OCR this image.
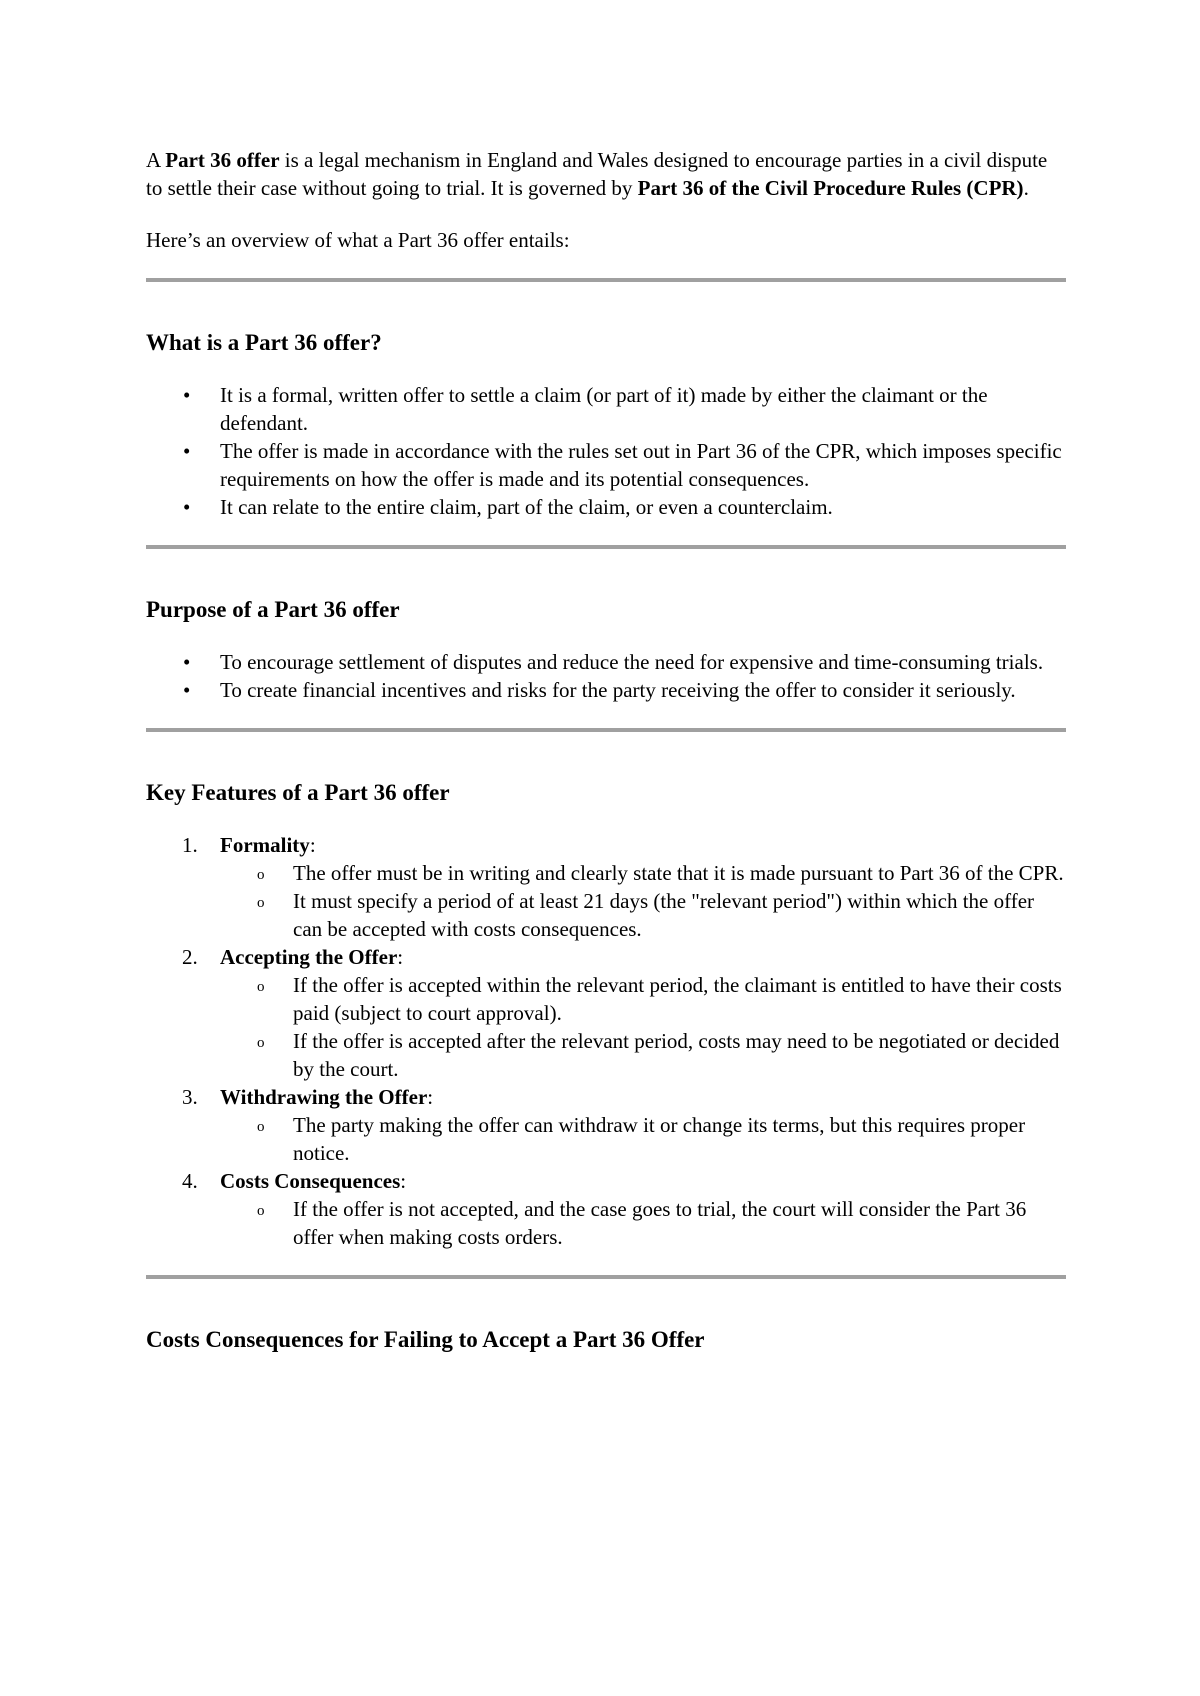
A Part 36 offer is a legal mechanism in England and Wales designed to encourage parties in a civil dispute to settle their case without going to trial. It is governed by Part 36 of the Civil Procedure Rules (CPR).

Here’s an overview of what a Part 36 offer entails:

What is a Part 36 offer?
• It is a formal, written offer to settle a claim (or part of it) made by either the claimant or the defendant.
• The offer is made in accordance with the rules set out in Part 36 of the CPR, which imposes specific requirements on how the offer is made and its potential consequences.
• It can relate to the entire claim, part of the claim, or even a counterclaim.
Purpose of a Part 36 offer
• To encourage settlement of disputes and reduce the need for expensive and time-consuming trials.
• To create financial incentives and risks for the party receiving the offer to consider it seriously.
Key Features of a Part 36 offer
1. Formality:
o The offer must be in writing and clearly state that it is made pursuant to Part 36 of the CPR.
o It must specify a period of at least 21 days (the "relevant period") within which the offer can be accepted with costs consequences.
2. Accepting the Offer:
o If the offer is accepted within the relevant period, the claimant is entitled to have their costs paid (subject to court approval).
o If the offer is accepted after the relevant period, costs may need to be negotiated or decided by the court.
3. Withdrawing the Offer:
o The party making the offer can withdraw it or change its terms, but this requires proper notice.
4. Costs Consequences:
o If the offer is not accepted, and the case goes to trial, the court will consider the Part 36 offer when making costs orders.
Costs Consequences for Failing to Accept a Part 36 Offer
